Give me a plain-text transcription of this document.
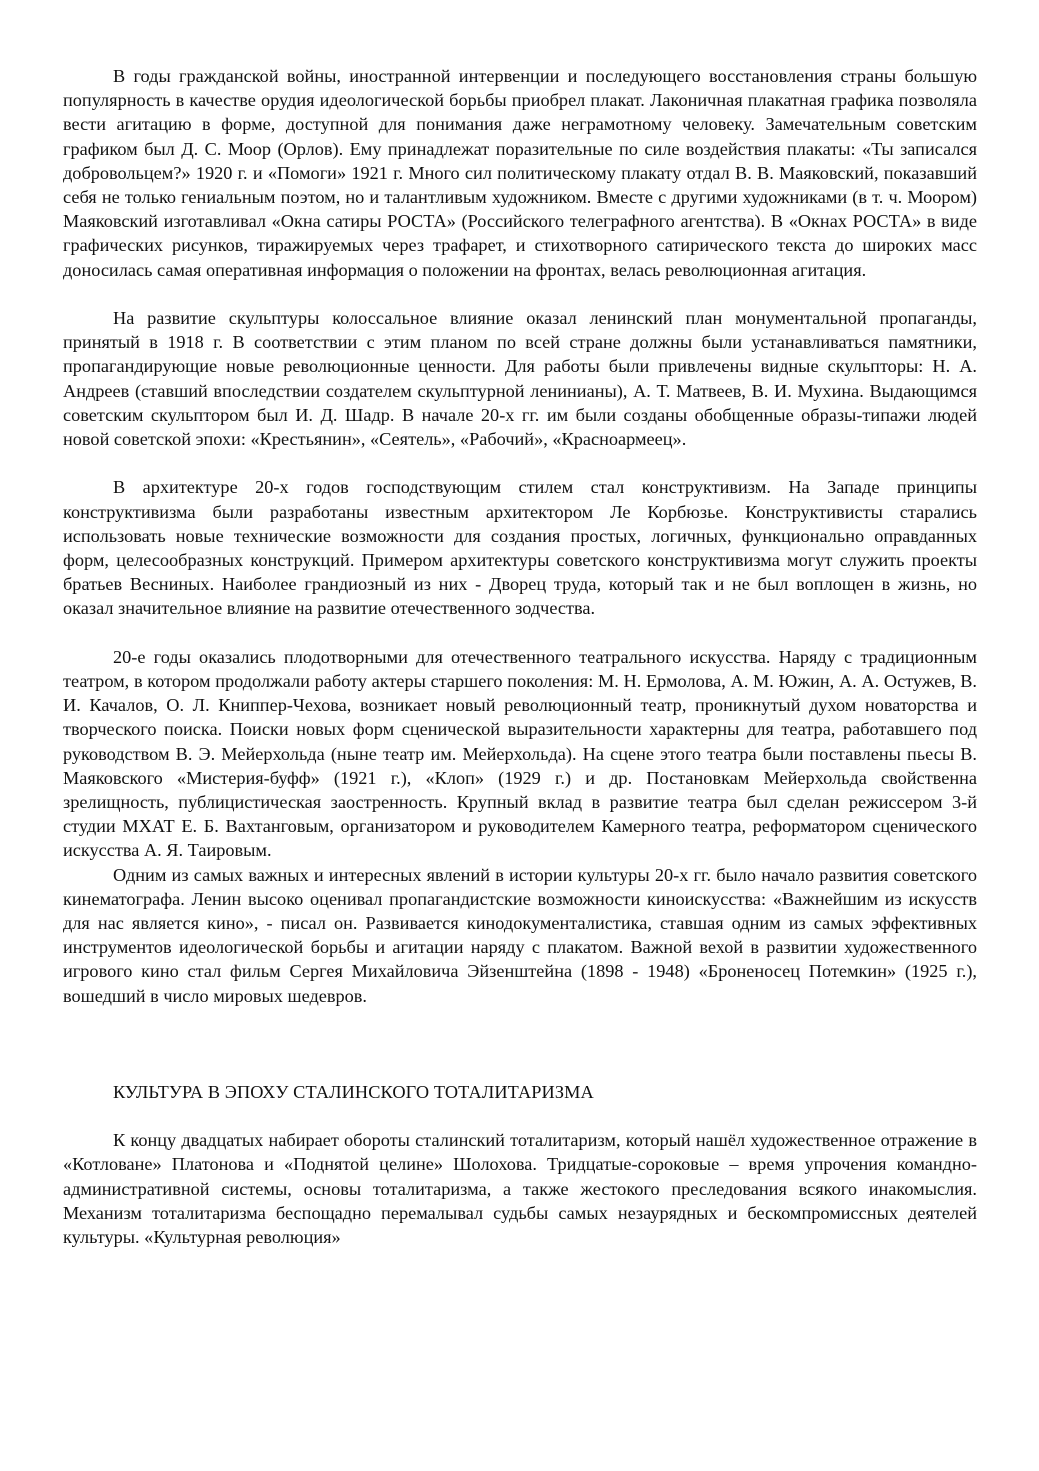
В годы гражданской войны, иностранной интервенции и последующего восстановления страны большую популярность в качестве орудия идеологической борьбы приобрел плакат. Лаконичная плакатная графика позволяла вести агитацию в форме, доступной для понимания даже неграмотному человеку. Замечательным советским графиком был Д. С. Моор (Орлов). Ему принадлежат поразительные по силе воздействия плакаты: «Ты записался добровольцем?» 1920 г. и «Помоги» 1921 г. Много сил политическому плакату отдал В. В. Маяковский, показавший себя не только гениальным поэтом, но и талантливым художником. Вместе с другими художниками (в т. ч. Моором) Маяковский изготавливал «Окна сатиры РОСТА» (Российского телеграфного агентства). В «Окнах РОСТА» в виде графических рисунков, тиражируемых через трафарет, и стихотворного сатирического текста до широких масс доносилась самая оперативная информация о положении на фронтах, велась революционная агитация.

На развитие скульптуры колоссальное влияние оказал ленинский план монументальной пропаганды, принятый в 1918 г. В соответствии с этим планом по всей стране должны были устанавливаться памятники, пропагандирующие новые революционные ценности. Для работы были привлечены видные скульпторы: Н. А. Андреев (ставший впоследствии создателем скульптурной ленинианы), А. Т. Матвеев, В. И. Мухина. Выдающимся советским скульптором был И. Д. Шадр. В начале 20-х гг. им были созданы обобщенные образы-типажи людей новой советской эпохи: «Крестьянин», «Сеятель», «Рабочий», «Красноармеец».

В архитектуре 20-х годов господствующим стилем стал конструктивизм. На Западе принципы конструктивизма были разработаны известным архитектором Ле Корбюзье. Конструктивисты старались использовать новые технические возможности для создания простых, логичных, функционально оправданных форм, целесообразных конструкций. Примером архитектуры советского конструктивизма могут служить проекты братьев Весниных. Наиболее грандиозный из них - Дворец труда, который так и не был воплощен в жизнь, но оказал значительное влияние на развитие отечественного зодчества.

20-е годы оказались плодотворными для отечественного театрального искусства. Наряду с традиционным театром, в котором продолжали работу актеры старшего поколения: М. Н. Ермолова, А. М. Южин, А. А. Остужев, В. И. Качалов, О. Л. Книппер-Чехова, возникает новый революционный театр, проникнутый духом новаторства и творческого поиска. Поиски новых форм сценической выразительности характерны для театра, работавшего под руководством В. Э. Мейерхольда (ныне театр им. Мейерхольда). На сцене этого театра были поставлены пьесы В. Маяковского «Мистерия-буфф» (1921 г.), «Клоп» (1929 г.) и др. Постановкам Мейерхольда свойственна зрелищность, публицистическая заостренность. Крупный вклад в развитие театра был сделан режиссером 3-й студии МХАТ Е. Б. Вахтанговым, организатором и руководителем Камерного театра, реформатором сценического искусства А. Я. Таировым.

Одним из самых важных и интересных явлений в истории культуры 20-х гг. было начало развития советского кинематографа. Ленин высоко оценивал пропагандистские возможности киноискусства: «Важнейшим из искусств для нас является кино», - писал он. Развивается кинодокументалистика, ставшая одним из самых эффективных инструментов идеологической борьбы и агитации наряду с плакатом. Важной вехой в развитии художественного игрового кино стал фильм Сергея Михайловича Эйзенштейна (1898 - 1948) «Броненосец Потемкин» (1925 г.), вошедший в число мировых шедевров.

КУЛЬТУРА В ЭПОХУ СТАЛИНСКОГО ТОТАЛИТАРИЗМА

К концу двадцатых набирает обороты сталинский тоталитаризм, который нашёл художественное отражение в «Котловане» Платонова и «Поднятой целине» Шолохова. Тридцатые-сороковые – время упрочения командно-административной системы, основы тоталитаризма, а также жестокого преследования всякого инакомыслия. Механизм тоталитаризма беспощадно перемалывал судьбы самых незаурядных и бескомпромиссных деятелей культуры. «Культурная революция»
